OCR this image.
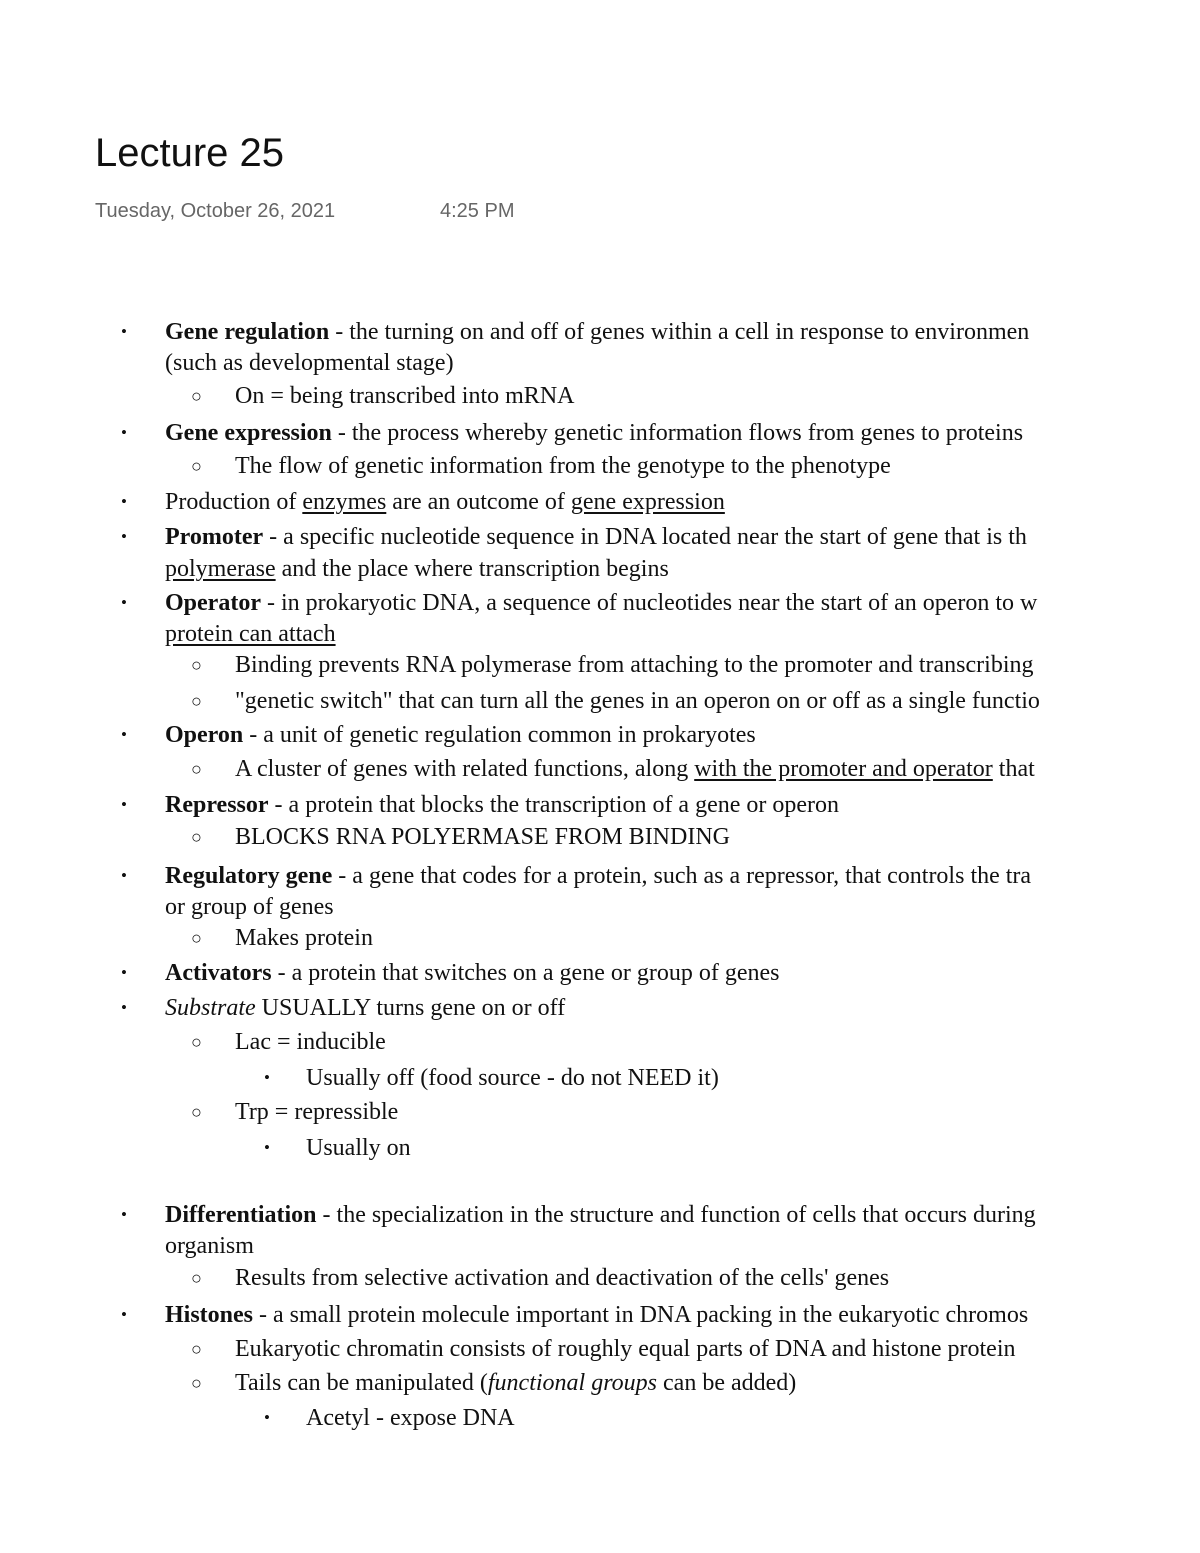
Lecture 25
Tuesday, October 26, 2021	4:25 PM
• Gene regulation - the turning on and off of genes within a cell in response to environmen
(such as developmental stage)
○ On = being transcribed into mRNA
• Gene expression - the process whereby genetic information flows from genes to proteins
○ The flow of genetic information from the genotype to the phenotype
• Production of enzymes are an outcome of gene expression
• Promoter - a specific nucleotide sequence in DNA located near the start of gene that is th
polymerase and the place where transcription begins
• Operator - in prokaryotic DNA, a sequence of nucleotides near the start of an operon to w
protein can attach
○ Binding prevents RNA polymerase from attaching to the promoter and transcribing
○ "genetic switch" that can turn all the genes in an operon on or off as a single functio
• Operon - a unit of genetic regulation common in prokaryotes
○ A cluster of genes with related functions, along with the promoter and operator that
• Repressor - a protein that blocks the transcription of a gene or operon
○ BLOCKS RNA POLYERMASE FROM BINDING
• Regulatory gene - a gene that codes for a protein, such as a repressor, that controls the tra
or group of genes
○ Makes protein
• Activators - a protein that switches on a gene or group of genes
• Substrate USUALLY turns gene on or off
○ Lac = inducible
• Usually off (food source - do not NEED it)
○ Trp = repressible
• Usually on
• Differentiation - the specialization in the structure and function of cells that occurs during
organism
○ Results from selective activation and deactivation of the cells' genes
• Histones - a small protein molecule important in DNA packing in the eukaryotic chromos
○ Eukaryotic chromatin consists of roughly equal parts of DNA and histone protein
○ Tails can be manipulated (functional groups can be added)
• Acetyl - expose DNA
